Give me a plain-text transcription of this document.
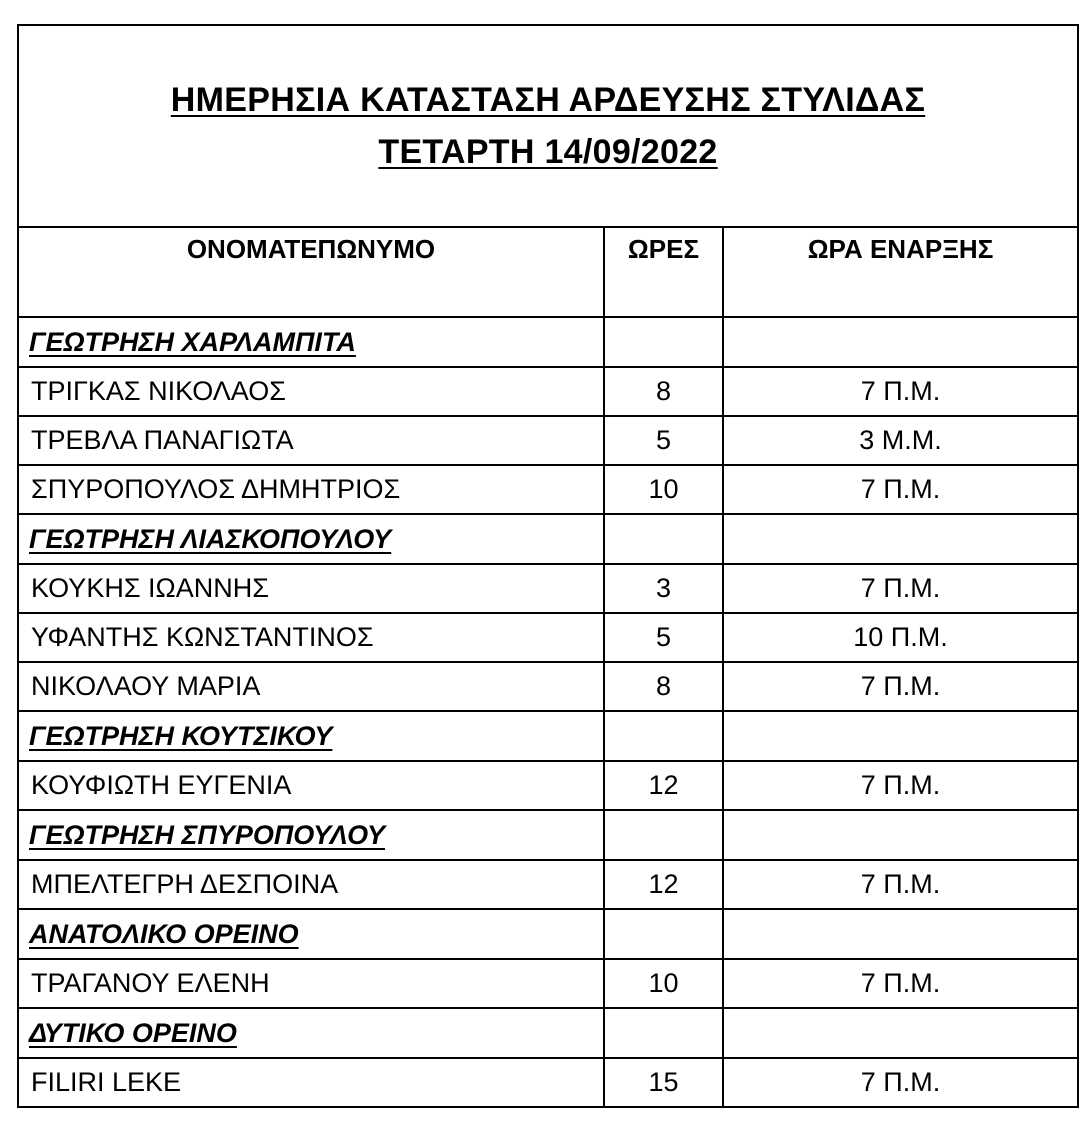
ΗΜΕΡΗΣΙΑ ΚΑΤΑΣΤΑΣΗ ΑΡΔΕΥΣΗΣ ΣΤΥΛΙΔΑΣ
ΤΕΤΑΡΤΗ 14/09/2022		

ΟΝΟΜΑΤΕΠΩΝΥΜΟ	ΩΡΕΣ	ΩΡΑ ΕΝΑΡΞΗΣ
ΓΕΩΤΡΗΣΗ ΧΑΡΛΑΜΠΙΤΑ		
ΤΡΙΓΚΑΣ ΝΙΚΟΛΑΟΣ	8	7 Π.Μ.
ΤΡΕΒΛΑ ΠΑΝΑΓΙΩΤΑ	5	3 Μ.Μ.
ΣΠΥΡΟΠΟΥΛΟΣ ΔΗΜΗΤΡΙΟΣ	10	7 Π.Μ.
ΓΕΩΤΡΗΣΗ ΛΙΑΣΚΟΠΟΥΛΟΥ		
ΚΟΥΚΗΣ ΙΩΑΝΝΗΣ	3	7 Π.Μ.
ΥΦΑΝΤΗΣ ΚΩΝΣΤΑΝΤΙΝΟΣ	5	10 Π.Μ.
ΝΙΚΟΛΑΟΥ ΜΑΡΙΑ	8	7 Π.Μ.
ΓΕΩΤΡΗΣΗ ΚΟΥΤΣΙΚΟΥ		
ΚΟΥΦΙΩΤΗ ΕΥΓΕΝΙΑ	12	7 Π.Μ.
ΓΕΩΤΡΗΣΗ ΣΠΥΡΟΠΟΥΛΟΥ		
ΜΠΕΛΤΕΓΡΗ ΔΕΣΠΟΙΝΑ	12	7 Π.Μ.
ΑΝΑΤΟΛΙΚΟ ΟΡΕΙΝΟ		
ΤΡΑΓΑΝΟΥ ΕΛΕΝΗ	10	7 Π.Μ.
ΔΥΤΙΚΟ ΟΡΕΙΝΟ		
FILIRI LEKE	15	7 Π.Μ.
